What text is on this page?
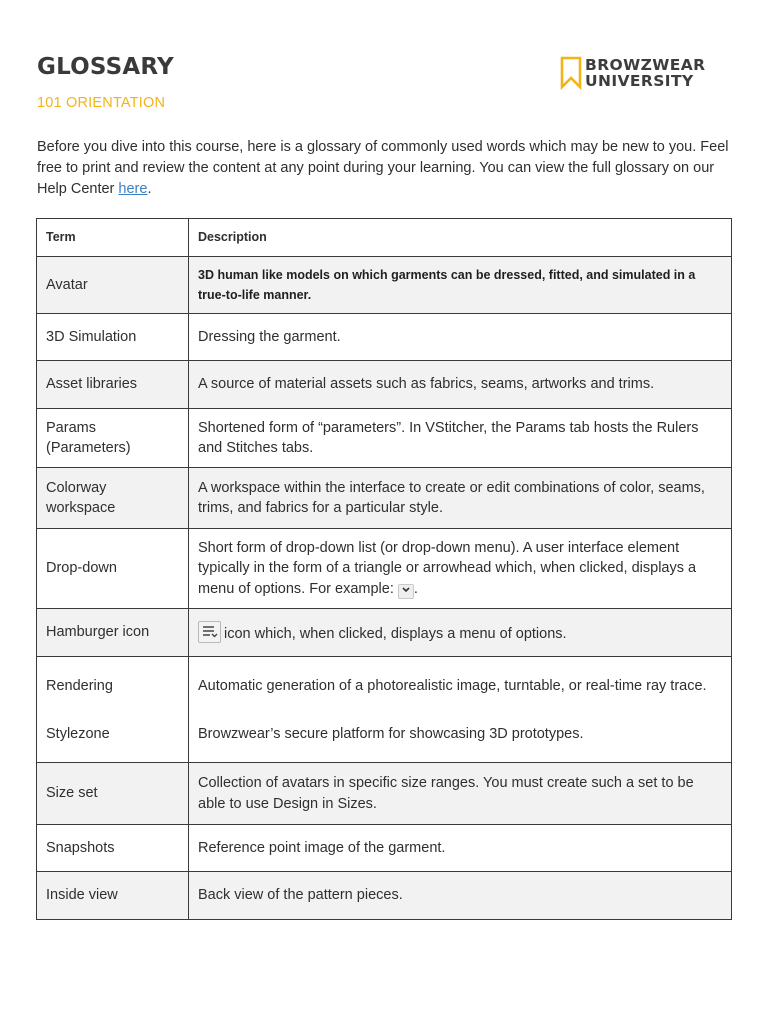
GLOSSARY
101 ORIENTATION
BROWZWEAR
UNIVERSITY
Before you dive into this course, here is a glossary of commonly used words which may be new to you. Feel free to print and review the content at any point during your learning. You can view the full glossary on our Help Center here.
Term	Description
Avatar	3D human like models on which garments can be dressed, fitted, and simulated in a true-to-life manner.
3D Simulation	Dressing the garment.
Asset libraries	A source of material assets such as fabrics, seams, artworks and trims.
Params (Parameters)	Shortened form of “parameters”. In VStitcher, the Params tab hosts the Rulers and Stitches tabs.
Colorway workspace	A workspace within the interface to create or edit combinations of color, seams, trims, and fabrics for a particular style.
Drop-down	Short form of drop-down list (or drop-down menu). A user interface element typically in the form of a triangle or arrowhead which, when clicked, displays a menu of options. For example: .
Hamburger icon	icon which, when clicked, displays a menu of options.
Rendering	Automatic generation of a photorealistic image, turntable, or real-time ray trace.
Stylezone	Browzwear’s secure platform for showcasing 3D prototypes.
Size set	Collection of avatars in specific size ranges. You must create such a set to be able to use Design in Sizes.
Snapshots	Reference point image of the garment.
Inside view	Back view of the pattern pieces.
